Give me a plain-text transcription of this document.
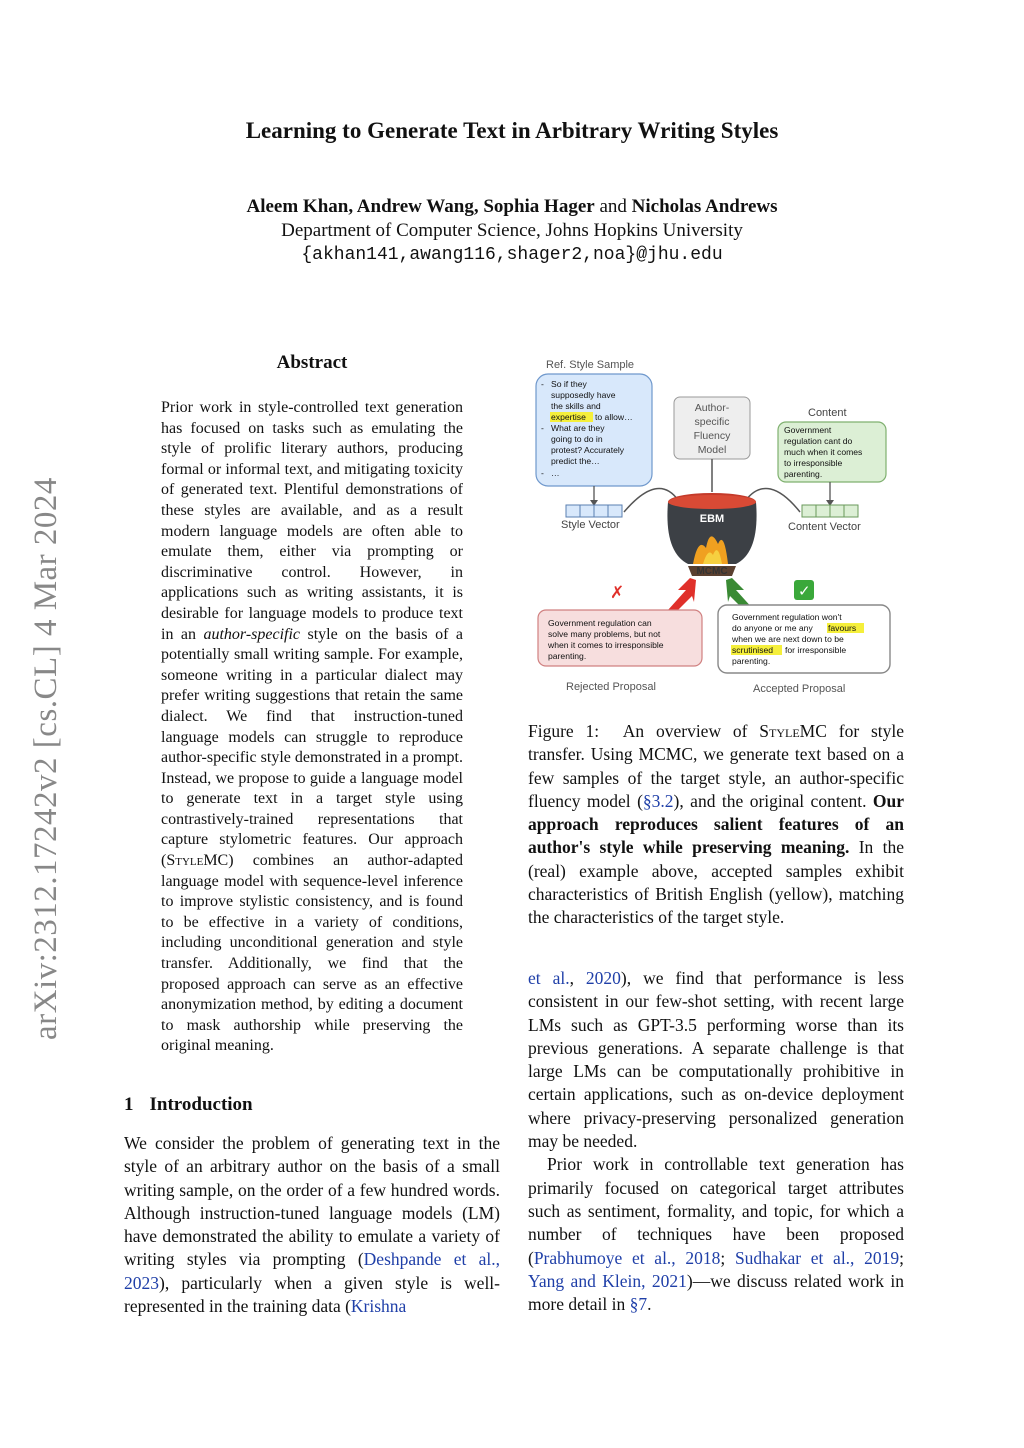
Learning to Generate Text in Arbitrary Writing Styles
Aleem Khan, Andrew Wang, Sophia Hager and Nicholas Andrews
Department of Computer Science, Johns Hopkins University
{akhan141,awang116,shager2,noa}@jhu.edu
arXiv:2312.17242v2 [cs.CL] 4 Mar 2024
Abstract
Prior work in style-controlled text generation has focused on tasks such as emulating the style of prolific literary authors, producing formal or informal text, and mitigating toxicity of generated text. Plentiful demonstrations of these styles are available, and as a result modern language models are often able to emulate them, either via prompting or discriminative control. However, in applications such as writing assistants, it is desirable for language models to produce text in an author-specific style on the basis of a potentially small writing sample. For example, someone writing in a particular dialect may prefer writing suggestions that retain the same dialect. We find that instruction-tuned language models can struggle to reproduce author-specific style demonstrated in a prompt. Instead, we propose to guide a language model to generate text in a target style using contrastively-trained representations that capture stylometric features. Our approach (StyleMC) combines an author-adapted language model with sequence-level inference to improve stylistic consistency, and is found to be effective in a variety of conditions, including unconditional generation and style transfer. Additionally, we find that the proposed approach can serve as an effective anonymization method, by editing a document to mask authorship while preserving the original meaning.
1 Introduction
We consider the problem of generating text in the style of an arbitrary author on the basis of a small writing sample, on the order of a few hundred words. Although instruction-tuned language models (LM) have demonstrated the ability to emulate a variety of writing styles via prompting (Deshpande et al., 2023), particularly when a given style is well-represented in the training data (Krishna
Ref. Style Sample
- So if they
supposedly have
the skills and
expertise to allow…
- What are they
going to do in
protest? Accurately
predict the…
- …
Style Vector
Author-
specific
Fluency
Model
Content
Government
regulation cant do
much when it comes
to irresponsible
parenting.
Content Vector
EBM
MCMC
✗	✓
Government regulation can
solve many problems, but not
when it comes to irresponsible
parenting.
Rejected Proposal
Government regulation won't
do anyone or me any favours
when we are next down to be
scrutinised for irresponsible
parenting.
Accepted Proposal
Figure 1: An overview of StyleMC for style transfer. Using MCMC, we generate text based on a few samples of the target style, an author-specific fluency model (§3.2), and the original content. Our approach reproduces salient features of an author's style while preserving meaning. In the (real) example above, accepted samples exhibit characteristics of British English (yellow), matching the characteristics of the target style.

et al., 2020), we find that performance is less consistent in our few-shot setting, with recent large LMs such as GPT-3.5 performing worse than its previous generations. A separate challenge is that large LMs can be computationally prohibitive in certain applications, such as on-device deployment where privacy-preserving personalized generation may be needed.

Prior work in controllable text generation has primarily focused on categorical target attributes such as sentiment, formality, and topic, for which a number of techniques have been proposed (Prabhumoye et al., 2018; Sudhakar et al., 2019; Yang and Klein, 2021)—we discuss related work in more detail in §7.
